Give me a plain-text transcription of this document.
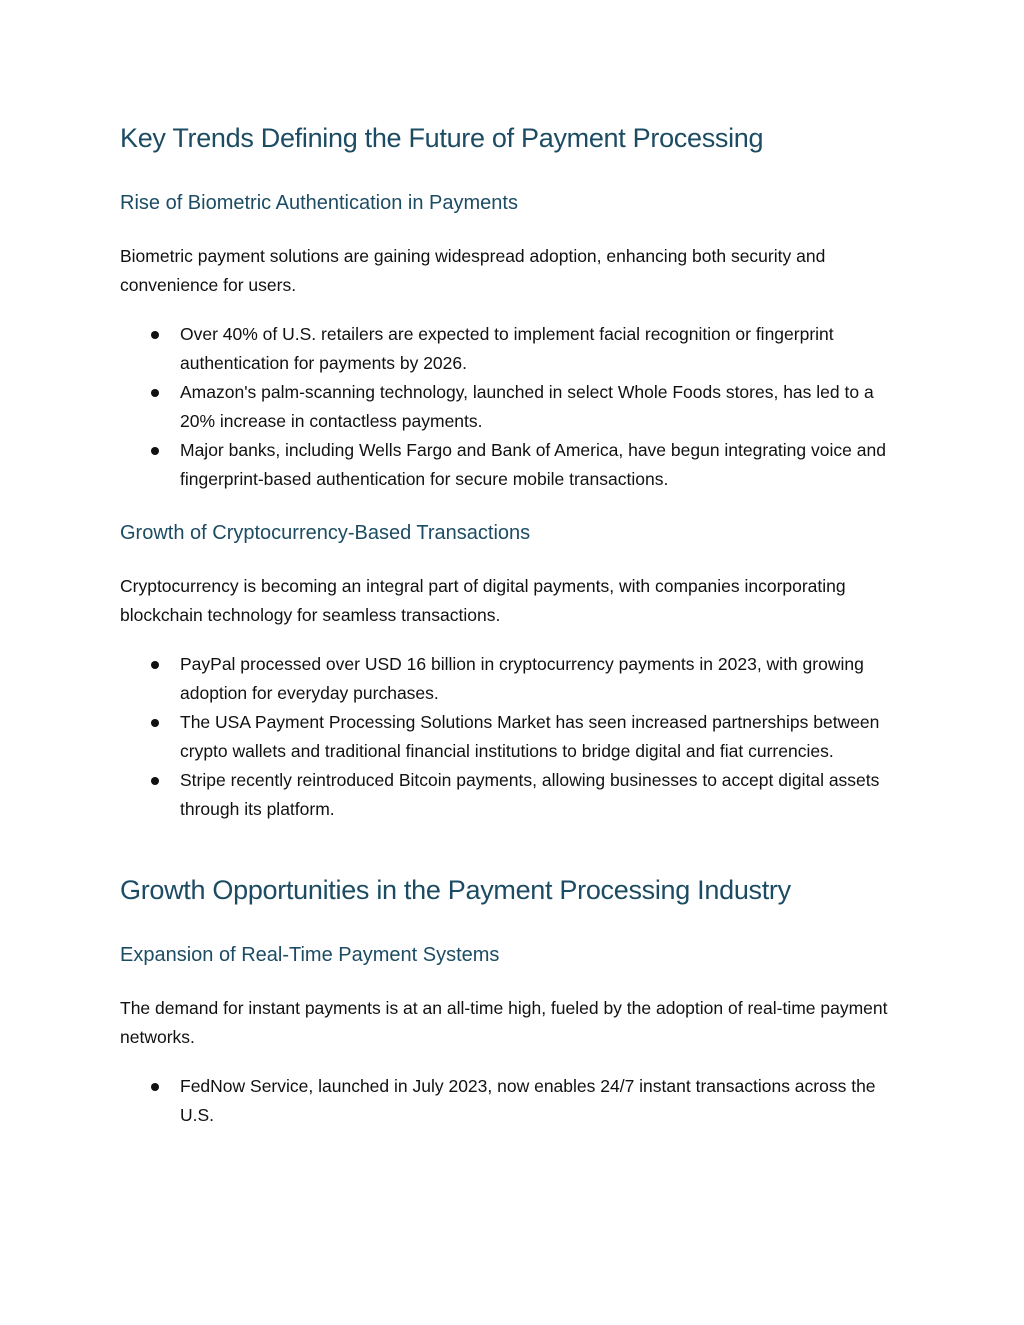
Key Trends Defining the Future of Payment Processing
Rise of Biometric Authentication in Payments

Biometric payment solutions are gaining widespread adoption, enhancing both security and convenience for users.

Over 40% of U.S. retailers are expected to implement facial recognition or fingerprint authentication for payments by 2026.
Amazon's palm-scanning technology, launched in select Whole Foods stores, has led to a 20% increase in contactless payments.
Major banks, including Wells Fargo and Bank of America, have begun integrating voice and fingerprint-based authentication for secure mobile transactions.
Growth of Cryptocurrency-Based Transactions

Cryptocurrency is becoming an integral part of digital payments, with companies incorporating blockchain technology for seamless transactions.

PayPal processed over USD 16 billion in cryptocurrency payments in 2023, with growing adoption for everyday purchases.
The USA Payment Processing Solutions Market has seen increased partnerships between crypto wallets and traditional financial institutions to bridge digital and fiat currencies.
Stripe recently reintroduced Bitcoin payments, allowing businesses to accept digital assets through its platform.
Growth Opportunities in the Payment Processing Industry
Expansion of Real-Time Payment Systems

The demand for instant payments is at an all-time high, fueled by the adoption of real-time payment networks.

FedNow Service, launched in July 2023, now enables 24/7 instant transactions across the U.S.
